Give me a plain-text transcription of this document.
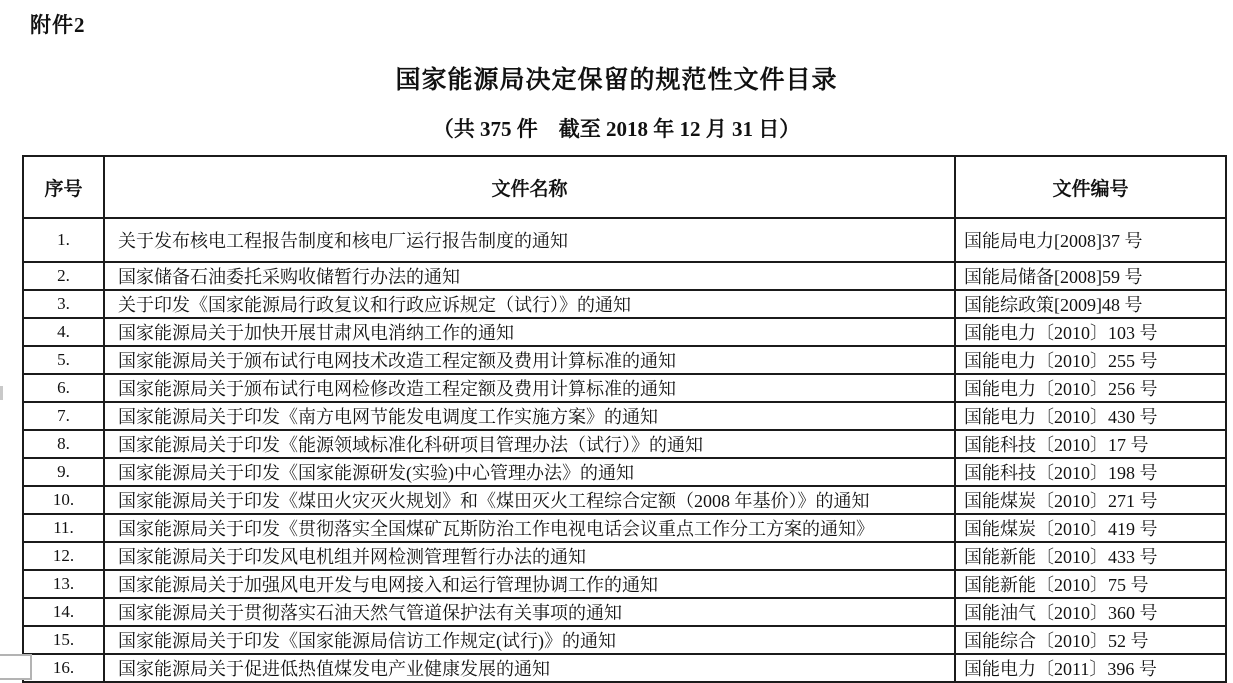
附件2
国家能源局决定保留的规范性文件目录
（共 375 件　截至 2018 年 12 月 31 日）
序号	文件名称	文件编号
1.	关于发布核电工程报告制度和核电厂运行报告制度的通知	国能局电力[2008]37 号
2.	国家储备石油委托采购收储暂行办法的通知	国能局储备[2008]59 号
3.	关于印发《国家能源局行政复议和行政应诉规定（试行）》的通知	国能综政策[2009]48 号
4.	国家能源局关于加快开展甘肃风电消纳工作的通知	国能电力〔2010〕103 号
5.	国家能源局关于颁布试行电网技术改造工程定额及费用计算标准的通知	国能电力〔2010〕255 号
6.	国家能源局关于颁布试行电网检修改造工程定额及费用计算标准的通知	国能电力〔2010〕256 号
7.	国家能源局关于印发《南方电网节能发电调度工作实施方案》的通知	国能电力〔2010〕430 号
8.	国家能源局关于印发《能源领域标准化科研项目管理办法（试行）》的通知	国能科技〔2010〕17 号
9.	国家能源局关于印发《国家能源研发(实验)中心管理办法》的通知	国能科技〔2010〕198 号
10.	国家能源局关于印发《煤田火灾灭火规划》和《煤田灭火工程综合定额（2008 年基价）》的通知	国能煤炭〔2010〕271 号
11.	国家能源局关于印发《贯彻落实全国煤矿瓦斯防治工作电视电话会议重点工作分工方案的通知》	国能煤炭〔2010〕419 号
12.	国家能源局关于印发风电机组并网检测管理暂行办法的通知	国能新能〔2010〕433 号
13.	国家能源局关于加强风电开发与电网接入和运行管理协调工作的通知	国能新能〔2010〕75 号
14.	国家能源局关于贯彻落实石油天然气管道保护法有关事项的通知	国能油气〔2010〕360 号
15.	国家能源局关于印发《国家能源局信访工作规定(试行)》的通知	国能综合〔2010〕52 号
16.	国家能源局关于促进低热值煤发电产业健康发展的通知	国能电力〔2011〕396 号
